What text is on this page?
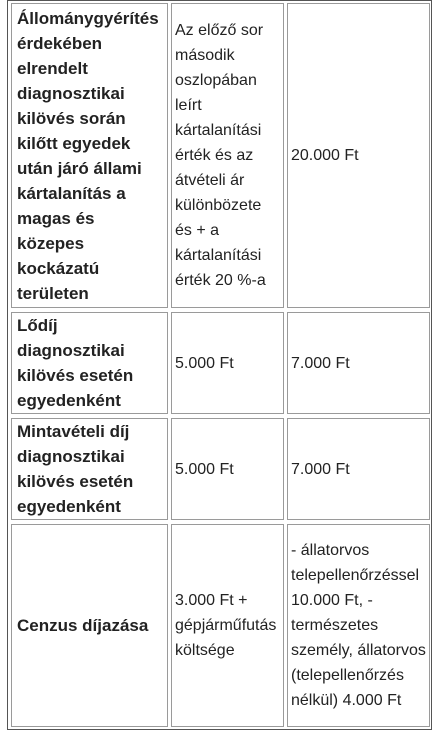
Állománygyérítés érdekében elrendelt diagnosztikai kilövés során kilőtt egyedek után járó állami kártalanítás a magas és közepes kockázatú területen
Az előző sor második oszlopában leírt kártalanítási érték és az átvételi ár különbözete és + a kártalanítási érték 20 %-a
20.000 Ft
Lődíj diagnosztikai kilövés esetén egyedenként
5.000 Ft	7.000 Ft
Mintavételi díj diagnosztikai kilövés esetén egyedenként
5.000 Ft	7.000 Ft
Cenzus díjazása
3.000 Ft + gépjárműfutás költsége
- állatorvos telepellenőrzéssel 10.000 Ft, - természetes személy, állatorvos (telepellenőrzés nélkül) 4.000 Ft
